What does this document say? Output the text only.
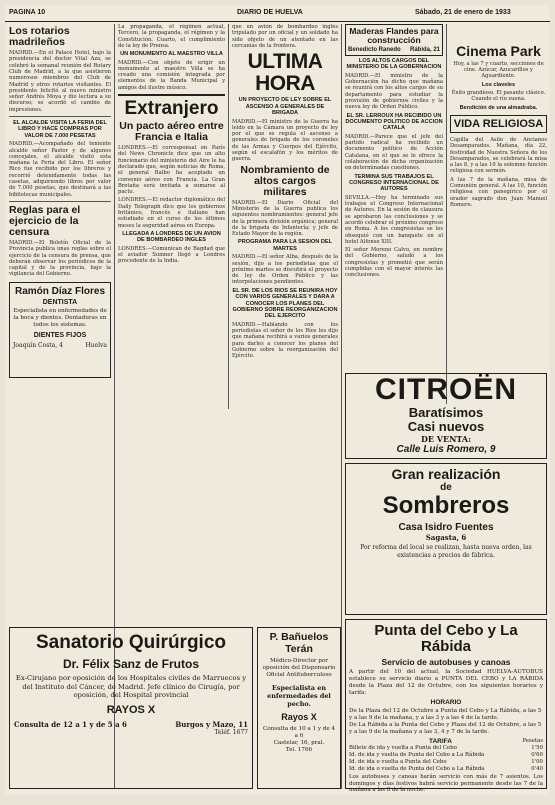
PAGINA 10	DIARIO DE HUELVA	Sábado, 21 de enero de 1933
Los rotarios madrileños

MADRID.—En el Palace Hotel, bajo la presidencia del doctor Vital Aza, se celebró la semanal reunión del Rotary Club de Madrid, a la que asistieron numerosos miembros del Club de Madrid y otros rotarios visitantes. El presidente felicitó al nuevo ministro señor Andrés Moya y dio lectura a su discurso; se acordó el cambio de impresiones.

EL ALCALDE VISITA LA FERIA DEL LIBRO Y HACE COMPRAS POR VALOR DE 7.000 PESETAS

MADRID.—Acompañado del teniente alcalde señor Pastor y de algunos concejales, el alcalde visitó esta mañana la Feria del Libro. El señor Rico fue recibido por los libreros y recorrió detenidamente todas las casetas, adquiriendo libros por valor de 7.000 pesetas, que destinará a las bibliotecas municipales.

Reglas para el ejercicio de la censura

MADRID.—El Boletín Oficial de la Provincia publica unas reglas sobre el ejercicio de la censura de prensa, que deberán observar los periódicos de la capital y de la provincia, bajo la vigilancia del Gobierno.

Ramón Díaz Flores
DENTISTA
Especialista en enfermedades de la boca y dientes. Dentaduras en todos los sistemas.
DIENTES FIJOS
Joaquín Costa, 4	Huelva

La propaganda, el régimen actual, Tercero, la propaganda, el régimen y la Constitución. Cuarto, el cumplimiento de la ley de Prensa.

UN MONUMENTO AL MAESTRO VILLA

MADRID.—Con objeto de erigir un monumento al maestro Villa se ha creado una comisión integrada por elementos de la Banda Municipal y amigos del ilustre músico.

Extranjero
Un pacto aéreo entre Francia e Italia

LONDRES.—El corresponsal en París del News Chronicle dice que un alto funcionario del ministerio del Aire le ha declarado que, según noticias de Roma, el general Balbo ha aceptado un convenio aéreo con Francia. La Gran Bretaña será invitada a sumarse al pacto.

LONDRES.—El redactor diplomático del Daily Telegraph dice que los gobiernos británico, francés e italiano han estudiado en el curso de los últimos meses la seguridad aérea en Europa.

LLEGADA A LONDRES DE UN AVION DE BOMBARDEO INGLES

LONDRES.—Comunican de Bagdad que el aviador Sumner llegó a Londres procedente de la India.

que un avión de bombardeo inglés tripulado por un oficial y un soldado ha sido objeto de un atentado en las cercanías de la frontera.

ULTIMA HORA
UN PROYECTO DE LEY SOBRE EL ASCENSO A GENERALES DE BRIGADA

MADRID.—El ministro de la Guerra ha leído en la Cámara un proyecto de ley por el que se regula el ascenso a generales de brigada de los coroneles de las Armas y Cuerpos del Ejército, según el escalafón y los méritos de guerra.

Nombramiento de altos cargos militares

MADRID.—El Diario Oficial del Ministerio de la Guerra publica los siguientes nombramientos: general jefe de la primera división orgánica; general de la brigada de Infantería; y jefe de Estado Mayor de la región.

PROGRAMA PARA LA SESION DEL MARTES

MADRID.—El señor Alba, después de la sesión, dijo a los periodistas que el próximo martes se discutirá el proyecto de ley de Orden Público y las interpelaciones pendientes.

EL SR. DE LOS RIOS SE REUNIRA HOY CON VARIOS GENERALES Y DARA A CONOCER LOS PLANES DEL GOBIERNO SOBRE REORGANIZACION DEL EJERCITO

MADRID.—Hablando con los periodistas el señor de los Ríos les dijo que mañana recibirá a varios generales para darles a conocer los planes del Gobierno sobre la reorganización del Ejército.

Maderas Flandes para construcción
Benedicto Ranedo Rábida, 21
LOS ALTOS CARGOS DEL MINISTERIO DE LA GOBERNACION

MADRID.—El ministro de la Gobernación ha dicho que mañana se reunirá con los altos cargos de su departamento para estudiar la provisión de gobiernos civiles y la nueva ley de Orden Público.

EL SR. LERROUX HA RECIBIDO UN DOCUMENTO POLITICO DE ACCION CATALA

MADRID.—Parece que el jefe del partido radical ha recibido un documento político de Acción Catalana, en el que se le ofrece la colaboración de dicha organización en determinadas cuestiones.

TERMINA SUS TRABAJOS EL CONGRESO INTERNACIONAL DE AUTORES

SEVILLA.—Hoy ha terminado sus trabajos el Congreso Internacional de Autores. En la sesión de clausura se aprobaron las conclusiones y se acordó celebrar el próximo congreso en Roma. A los congresistas se les obsequió con un banquete en el hotel Alfonso XIII.

El señor Moreno Calvo, en nombre del Gobierno, saludó a los congresistas y prometió que serán cumplidas con el mayor interés las conclusiones.

Cinema Park

Hoy, a las 7 y cuarto, secciones de cine. Azúcar, Azucarillos y Aguardiente.

Los claveles

Éxito grandioso. El pasante clásico. Cuando el río suena.

Bendición de una almadraba.
VIDA RELIGIOSA

Capilla del Asilo de Ancianos Desamparados. Mañana, día 22, festividad de Nuestra Señora de los Desamparados, se celebrará la misa a las 8, y a las 10 la solemne función religiosa con sermón.

A las 7 de la mañana, misa de Comunión general. A las 10, función religiosa con panegírico por el orador sagrado don Juan Manuel Romero.

CITROËN
Baratísimos
Casi nuevos
DE VENTA:
Calle Luis Romero, 9
Gran realización
de
Sombreros
Casa Isidro Fuentes
Sagasta, 6
Por reforma del local se realizan, hasta nueva orden, las existencias a precios de fábrica.
Sanatorio Quirúrgico
Dr. Félix Sanz de Frutos
Ex-Cirujano por oposición de los Hospitales civiles de Marruecos y del Instituto del Cáncer, de Madrid. Jefe clínico de Cirugía, por oposición, del Hospital provincial
RAYOS X
Consulta de 12 a 1 y de 5 a 6	Burgos y Mazo, 11
Teléf. 1677
P. Bañuelos Terán
Médico-Director por oposición del Dispensario Oficial Antituberculoso
Especialista en enfermedades del pecho.
Rayos X
Consulta de 10 a 1 y de 4 a 6
Castelar, 16, pral.
Tel. 1766
Punta del Cebo y La Rábida
Servicio de autobuses y canoas
A partir del 10 del actual, la Sociedad HUELVA-AUTOBUS establece su servicio diario a PUNTA DEL CEBO y LA RÁBIDA desde la Plaza del 12 de Octubre, con los siguientes horarios y tarifa:
HORARIO
De la Plaza del 12 de Octubre a Punta del Cebo y La Rábida, a las 5 y a las 9 de la mañana, y a las 3 y a las 4 de la tarde.
De La Rábida a la Punta del Cebo y Plaza del 12 de Octubre, a las 5 y a las 9 de la mañana y a las 3, 4 y 7 de la tarde.
TARIFA	Pesetas
Billete de ida y vuelta a Punta del Cebo	1'50
Id. de ida y vuelta de Punta del Cebo a La Rábida	0'60
Id. de ida o vuelta a Punta del Cebo	1'00
Id. de ida o vuelta de Punta del Cebo a La Rábida	0'40
Los autobuses y canoas harán servicio con más de 7 asientos. Los domingos y días festivos habrá servicio permanente desde las 7 de la mañana a las 8 de la noche.
